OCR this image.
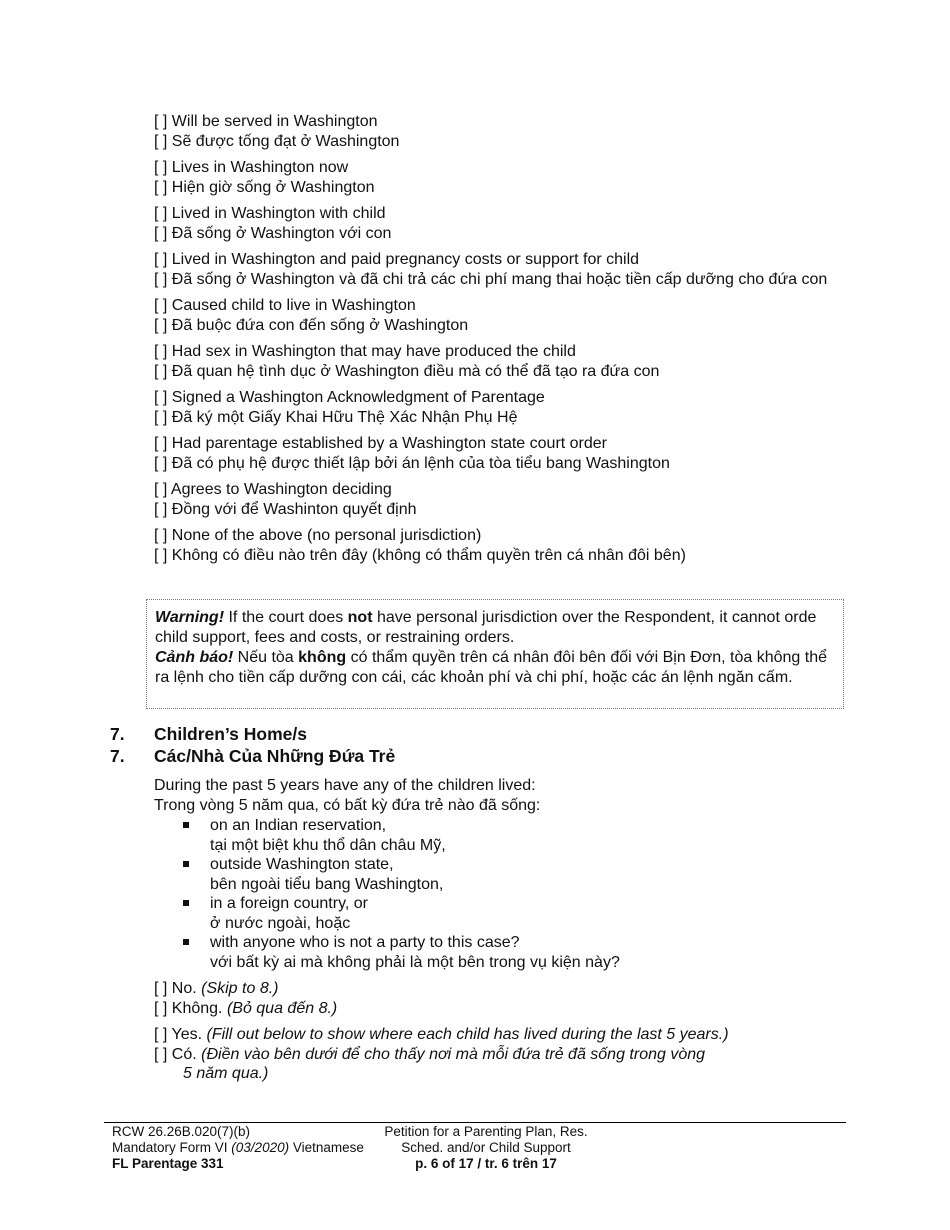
[ ] Will be served in Washington
[ ] Sẽ được tống đạt ở Washington
[ ] Lives in Washington now
[ ] Hiện giờ sống ở Washington
[ ] Lived in Washington with child
[ ] Đã sống ở Washington với con
[ ] Lived in Washington and paid pregnancy costs or support for child
[ ] Đã sống ở Washington và đã chi trả các chi phí mang thai hoặc tiền cấp dưỡng cho đứa con
[ ] Caused child to live in Washington
[ ] Đã buộc đứa con đến sống ở Washington
[ ] Had sex in Washington that may have produced the child
[ ] Đã quan hệ tình dục ở Washington điều mà có thể đã tạo ra đứa con
[ ] Signed a Washington Acknowledgment of Parentage
[ ] Đã ký một Giấy Khai Hữu Thệ Xác Nhận Phụ Hệ
[ ] Had parentage established by a Washington state court order
[ ] Đã có phụ hệ được thiết lập bởi án lệnh của tòa tiểu bang Washington
[ ] Agrees to Washington deciding
[ ] Đồng với để Washinton quyết định
[ ] None of the above (no personal jurisdiction)
[ ] Không có điều nào trên đây (không có thẩm quyền trên cá nhân đôi bên)

Warning! If the court does not have personal jurisdiction over the Respondent, it cannot orde

child support, fees and costs, or restraining orders.

Cảnh báo! Nếu tòa không có thẩm quyền trên cá nhân đôi bên đối với Bịn Đơn, tòa không thể ra lệnh cho tiền cấp dưỡng con cái, các khoản phí và chi phí, hoặc các án lệnh ngăn cấm.

7. Children’s Home/s
7. Các/Nhà Của Những Đứa Trẻ
During the past 5 years have any of the children lived:
Trong vòng 5 năm qua, có bất kỳ đứa trẻ nào đã sống:
on an Indian reservation,
tại một biệt khu thổ dân châu Mỹ,
outside Washington state,
bên ngoài tiểu bang Washington,
in a foreign country, or
ở nước ngoài, hoặc
with anyone who is not a party to this case?
với bất kỳ ai mà không phải là một bên trong vụ kiện này?
[ ] No. (Skip to 8.)
[ ] Không. (Bỏ qua đến 8.)
[ ] Yes. (Fill out below to show where each child has lived during the last 5 years.)
[ ] Có. (Điền vào bên dưới để cho thấy nơi mà mỗi đứa trẻ đã sống trong vòng
5 năm qua.)
RCW 26.26B.020(7)(b)
Mandatory Form VI (03/2020) Vietnamese
FL Parentage 331
Petition for a Parenting Plan, Res.
Sched. and/or Child Support
p. 6 of 17 / tr. 6 trên 17
